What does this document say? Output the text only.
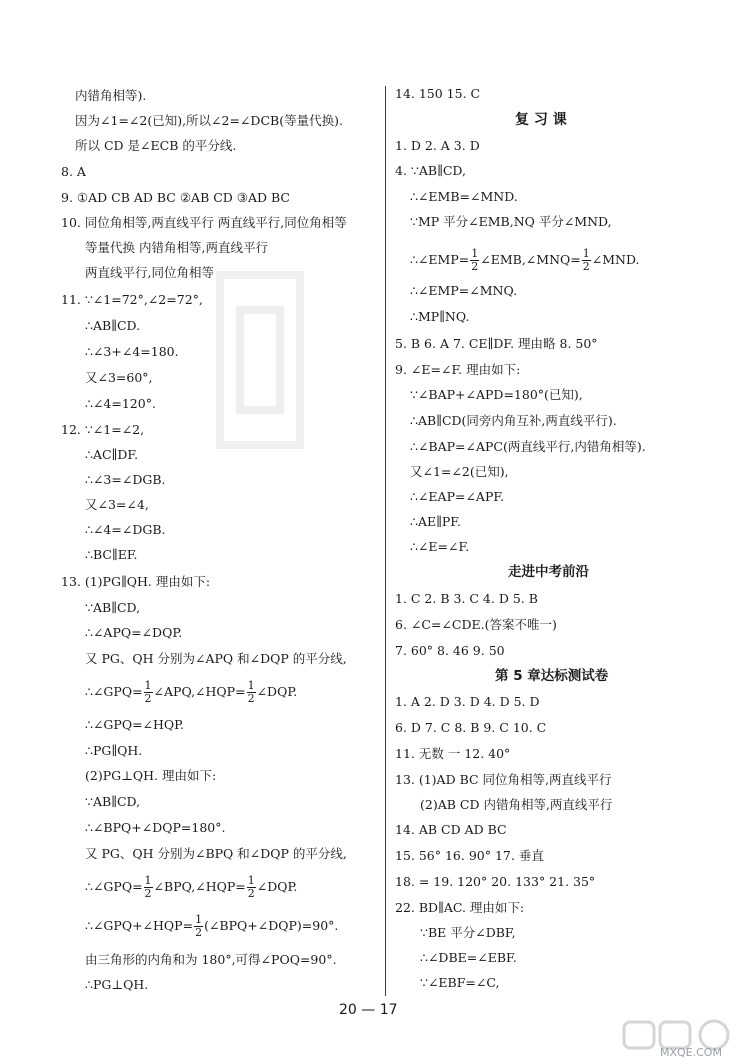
内错角相等).
因为∠1=∠2(已知),所以∠2=∠DCB(等量代换).
所以 CD 是∠ECB 的平分线.
8. A
9. ①AD CB AD BC ②AB CD ③AD BC
10. 同位角相等,两直线平行 两直线平行,同位角相等
等量代换 内错角相等,两直线平行
两直线平行,同位角相等
11. ∵∠1=72°,∠2=72°,
∴AB∥CD.
∴∠3+∠4=180.
又∠3=60°,
∴∠4=120°.
12. ∵∠1=∠2,
∴AC∥DF.
∴∠3=∠DGB.
又∠3=∠4,
∴∠4=∠DGB.
∴BC∥EF.
13. (1)PG∥QH. 理由如下:
∵AB∥CD,
∴∠APQ=∠DQP.
又 PG、QH 分别为∠APQ 和∠DQP 的平分线,
∴∠GPQ= $\frac{1}{2}$ ∠APQ,∠HQP= $\frac{1}{2}$ ∠DQP.
∴∠GPQ=∠HQP.
∴PG∥QH.
(2)PG⊥QH. 理由如下:
∵AB∥CD,
∴∠BPQ+∠DQP=180°.
又 PG、QH 分别为∠BPQ 和∠DQP 的平分线,
∴∠GPQ= $\frac{1}{2}$ ∠BPQ,∠HQP= $\frac{1}{2}$ ∠DQP.
∴∠GPQ+∠HQP= $\frac{1}{2}$ (∠BPQ+∠DQP)=90°.
由三角形的内角和为 180°,可得∠POQ=90°.
∴PG⊥QH.
14. 150 15. C
复 习 课
1. D 2. A 3. D
4. ∵AB∥CD,
∴∠EMB=∠MND.
∵MP 平分∠EMB,NQ 平分∠MND,
∴∠EMP= $\frac{1}{2}$ ∠EMB,∠MNQ= $\frac{1}{2}$ ∠MND.
∴∠EMP=∠MNQ.
∴MP∥NQ.
5. B 6. A 7. CE∥DF. 理由略 8. 50°
9. ∠E=∠F. 理由如下:
∵∠BAP+∠APD=180°(已知),
∴AB∥CD(同旁内角互补,两直线平行).
∴∠BAP=∠APC(两直线平行,内错角相等).
又∠1=∠2(已知),
∴∠EAP=∠APF.
∴AE∥PF.
∴∠E=∠F.
走进中考前沿
1. C 2. B 3. C 4. D 5. B
6. ∠C=∠CDE.(答案不唯一)
7. 60° 8. 46 9. 50
第 5 章达标测试卷
1. A 2. D 3. D 4. D 5. D
6. D 7. C 8. B 9. C 10. C
11. 无数 一 12. 40°
13. (1)AD BC 同位角相等,两直线平行
(2)AB CD 内错角相等,两直线平行
14. AB CD AD BC
15. 56° 16. 90° 17. 垂直
18. = 19. 120° 20. 133° 21. 35°
22. BD∥AC. 理由如下:
∵BE 平分∠DBF,
∴∠DBE=∠EBF.
∵∠EBF=∠C,
20 — 17
MXQE.COM
